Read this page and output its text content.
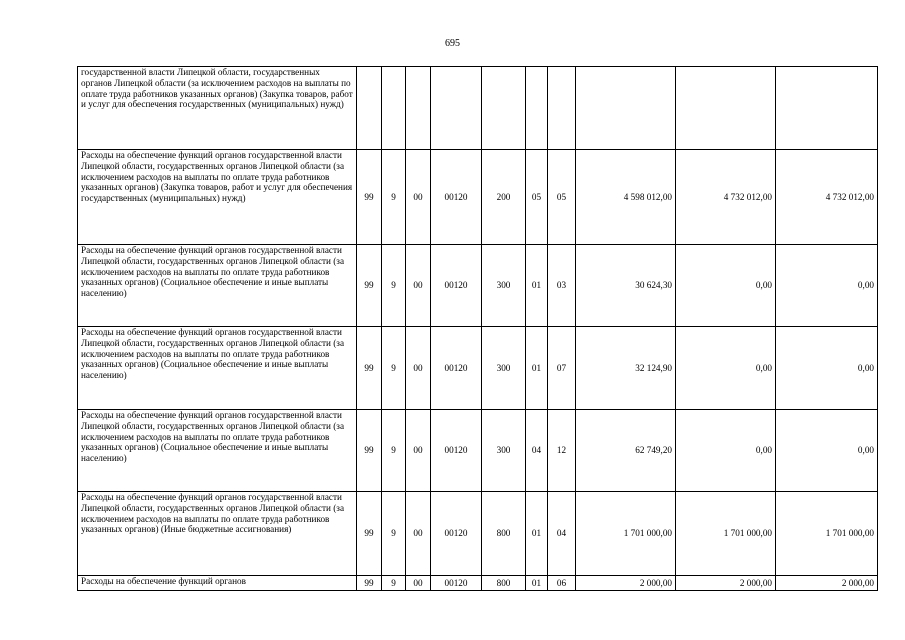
695
государственной власти Липецкой области, государственных органов Липецкой области (за исключением расходов на выплаты по оплате труда работников указанных органов) (Закупка товаров, работ и услуг для обеспечения государственных (муниципальных) нужд)										
Расходы на обеспечение функций органов государственной власти Липецкой области, государственных органов Липецкой области (за исключением расходов на выплаты по оплате труда работников указанных органов) (Закупка товаров, работ и услуг для обеспечения государственных (муниципальных) нужд)	99	9	00	00120	200	05	05	4 598 012,00	4 732 012,00	4 732 012,00
Расходы на обеспечение функций органов государственной власти Липецкой области, государственных органов Липецкой области (за исключением расходов на выплаты по оплате труда работников указанных органов) (Социальное обеспечение и иные выплаты населению)	99	9	00	00120	300	01	03	30 624,30	0,00	0,00
Расходы на обеспечение функций органов государственной власти Липецкой области, государственных органов Липецкой области (за исключением расходов на выплаты по оплате труда работников указанных органов) (Социальное обеспечение и иные выплаты населению)	99	9	00	00120	300	01	07	32 124,90	0,00	0,00
Расходы на обеспечение функций органов государственной власти Липецкой области, государственных органов Липецкой области (за исключением расходов на выплаты по оплате труда работников указанных органов) (Социальное обеспечение и иные выплаты населению)	99	9	00	00120	300	04	12	62 749,20	0,00	0,00
Расходы на обеспечение функций органов государственной власти Липецкой области, государственных органов Липецкой области (за исключением расходов на выплаты по оплате труда работников указанных органов) (Иные бюджетные ассигнования)	99	9	00	00120	800	01	04	1 701 000,00	1 701 000,00	1 701 000,00
Расходы на обеспечение функций органов	99	9	00	00120	800	01	06	2 000,00	2 000,00	2 000,00
